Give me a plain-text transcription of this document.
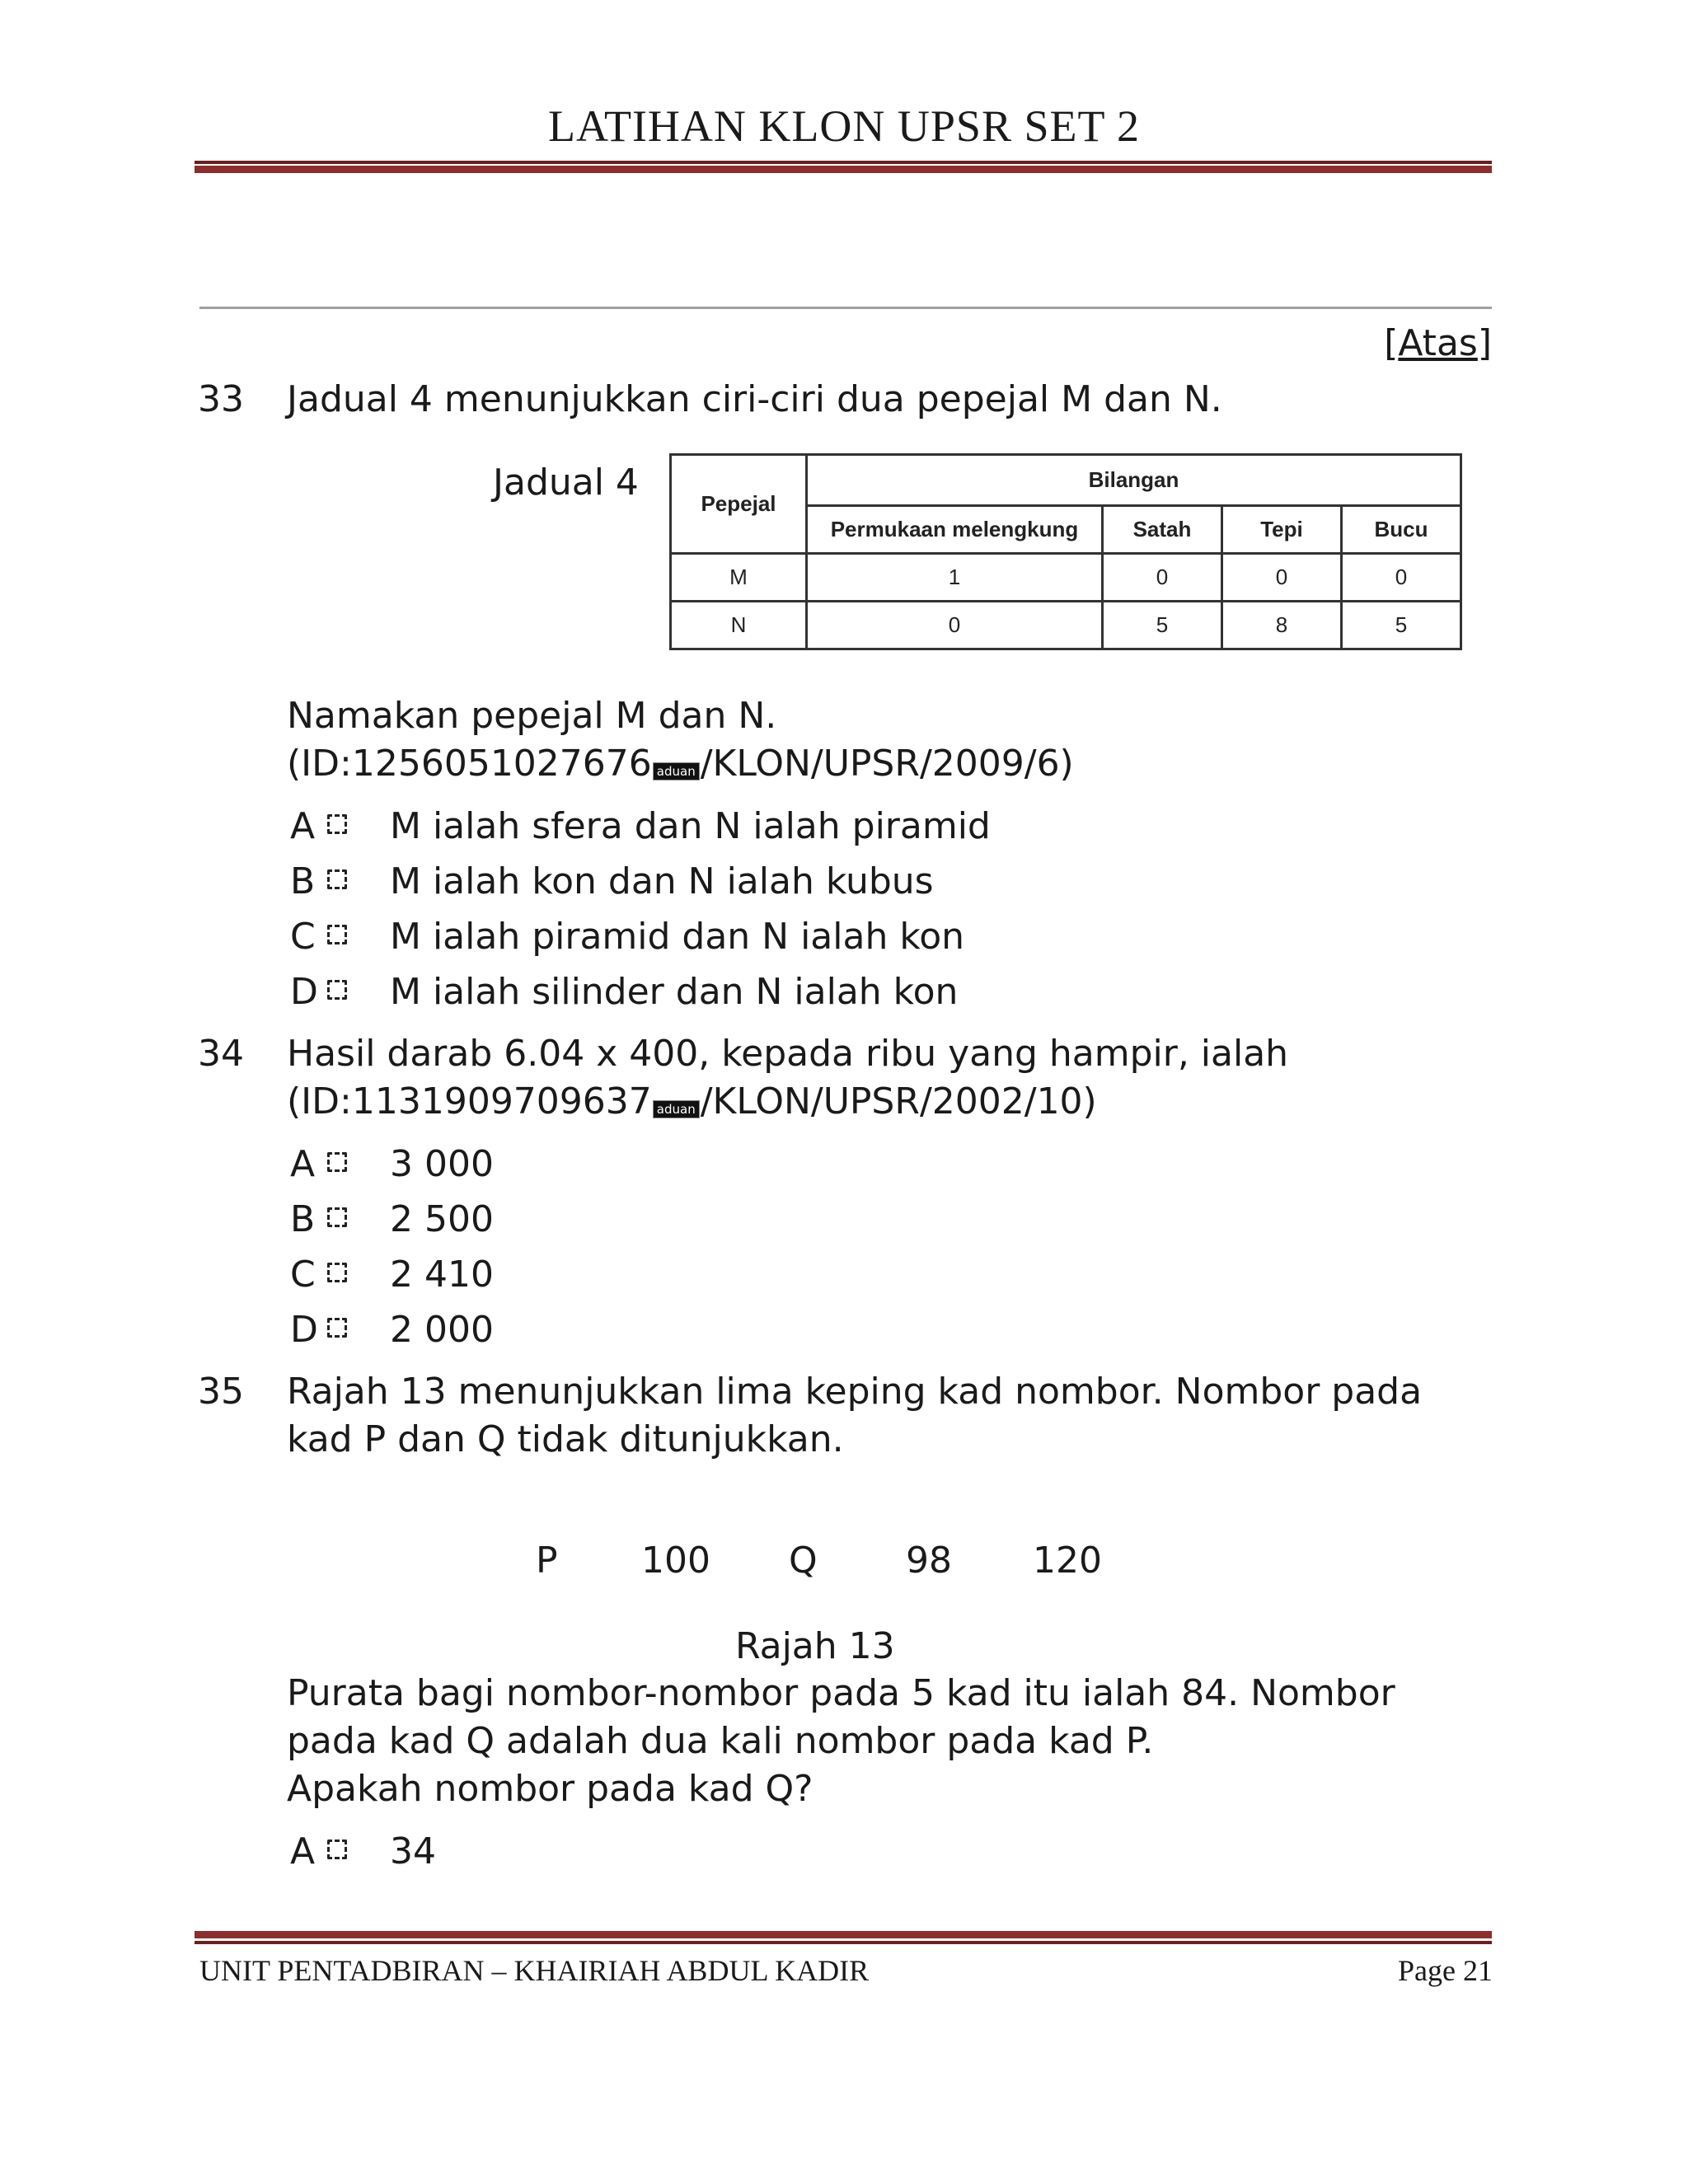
LATIHAN KLON UPSR SET 2
[Atas]
33 Jadual 4 menunjukkan ciri-ciri dua pepejal M dan N.
Jadual 4	Pepejal	Bilangan			
	Permukaan melengkung	Satah	Tepi	Bucu
M	1	0	0	0
N	0	5	8	5
Namakan pepejal M dan N.
(ID:1256051027676 aduan /KLON/UPSR/2009/6)
A M ialah sfera dan N ialah piramid
B M ialah kon dan N ialah kubus
C M ialah piramid dan N ialah kon
D M ialah silinder dan N ialah kon
34 Hasil darab 6.04 x 400, kepada ribu yang hampir, ialah
(ID:1131909709637 aduan /KLON/UPSR/2002/10)
A 3 000
B 2 500
C 2 410
D 2 000
35 Rajah 13 menunjukkan lima keping kad nombor. Nombor pada
kad P dan Q tidak ditunjukkan.
P 100 Q 98 120
Rajah 13
Purata bagi nombor-nombor pada 5 kad itu ialah 84. Nombor
pada kad Q adalah dua kali nombor pada kad P.
Apakah nombor pada kad Q?
A 34
UNIT PENTADBIRAN – KHAIRIAH ABDUL KADIR	Page 21
